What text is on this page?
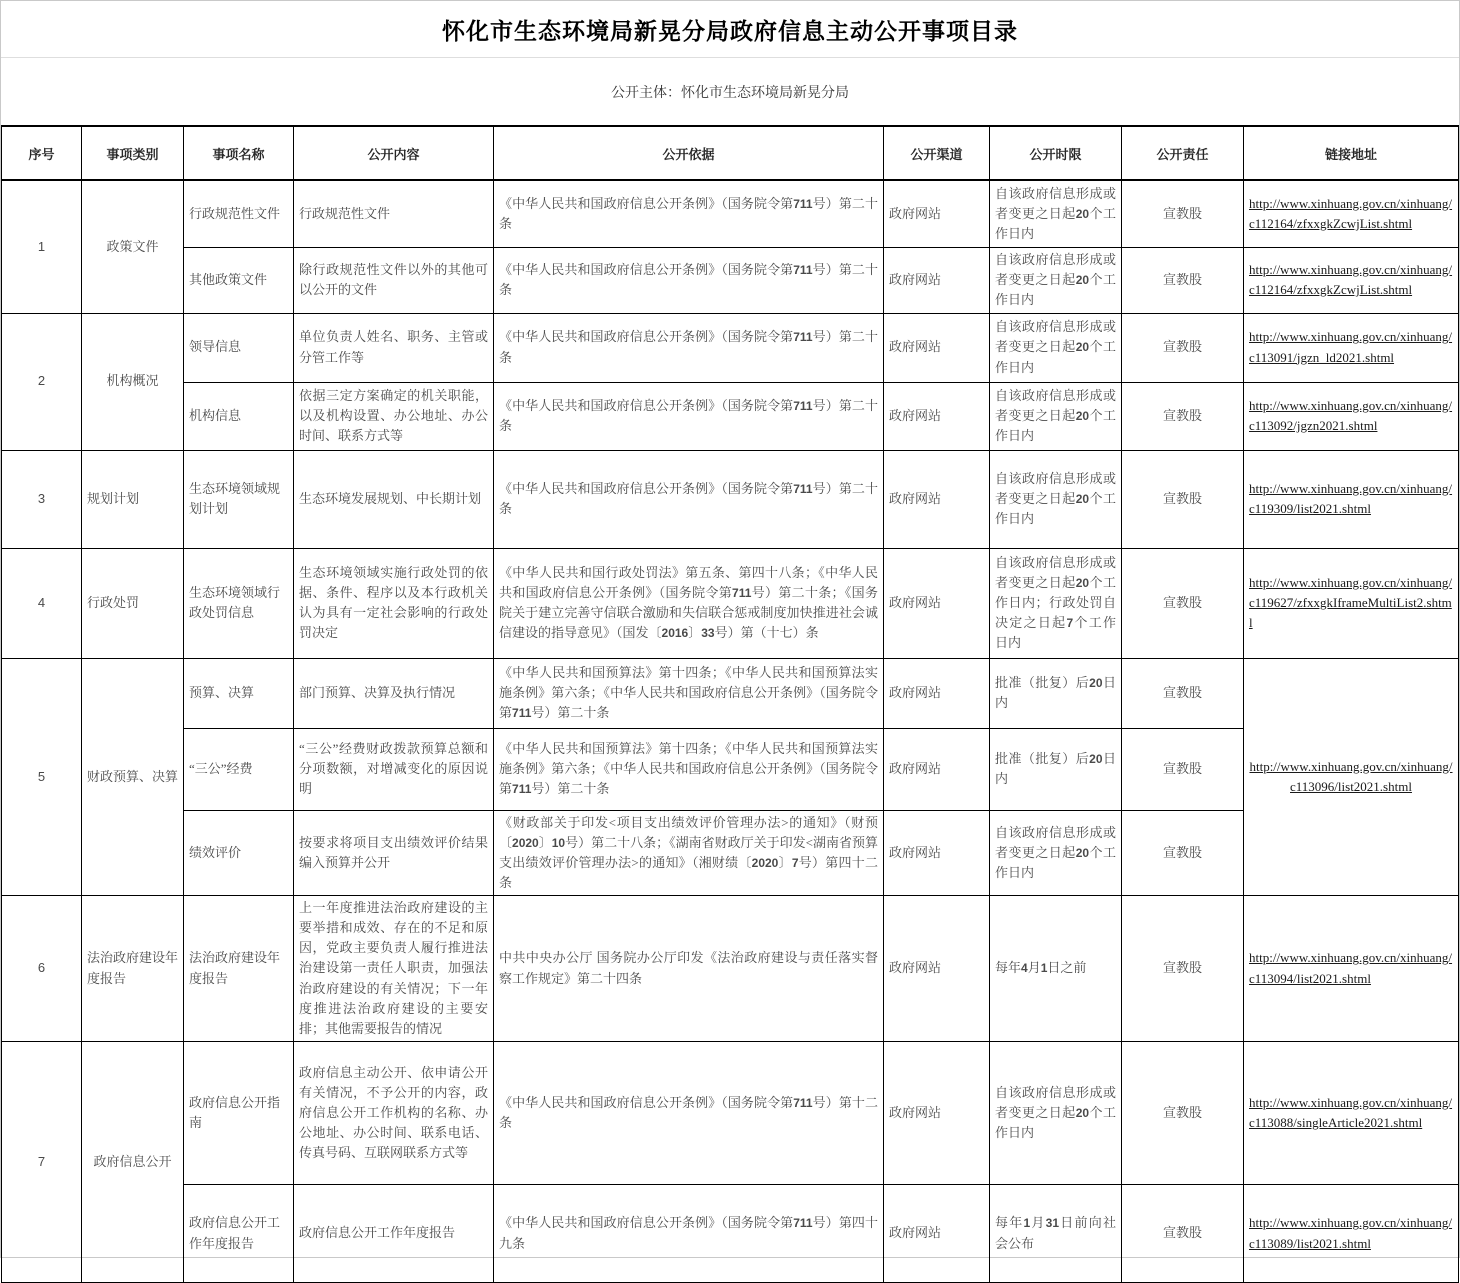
怀化市生态环境局新晃分局政府信息主动公开事项目录
公开主体：怀化市生态环境局新晃分局
序号	事项类别	事项名称	公开内容	公开依据	公开渠道	公开时限	公开责任	链接地址
1	政策文件	行政规范性文件	行政规范性文件	《中华人民共和国政府信息公开条例》（国务院令第711号）第二十条	政府网站	自该政府信息形成或者变更之日起20个工作日内	宣教股	http://www.xinhuang.gov.cn/xinhuang/c112164/zfxxgkZcwjList.shtml
		其他政策文件	除行政规范性文件以外的其他可以公开的文件	《中华人民共和国政府信息公开条例》（国务院令第711号）第二十条	政府网站	自该政府信息形成或者变更之日起20个工作日内	宣教股	http://www.xinhuang.gov.cn/xinhuang/c112164/zfxxgkZcwjList.shtml
2	机构概况	领导信息	单位负责人姓名、职务、主管或分管工作等	《中华人民共和国政府信息公开条例》（国务院令第711号）第二十条	政府网站	自该政府信息形成或者变更之日起20个工作日内	宣教股	http://www.xinhuang.gov.cn/xinhuang/c113091/jgzn_ld2021.shtml
		机构信息	依据三定方案确定的机关职能，以及机构设置、办公地址、办公时间、联系方式等	《中华人民共和国政府信息公开条例》（国务院令第711号）第二十条	政府网站	自该政府信息形成或者变更之日起20个工作日内	宣教股	http://www.xinhuang.gov.cn/xinhuang/c113092/jgzn2021.shtml
3	规划计划	生态环境领域规划计划	生态环境发展规划、中长期计划	《中华人民共和国政府信息公开条例》（国务院令第711号）第二十条	政府网站	自该政府信息形成或者变更之日起20个工作日内	宣教股	http://www.xinhuang.gov.cn/xinhuang/c119309/list2021.shtml
4	行政处罚	生态环境领域行政处罚信息	生态环境领域实施行政处罚的依据、条件、程序以及本行政机关认为具有一定社会影响的行政处罚决定	《中华人民共和国行政处罚法》第五条、第四十八条；《中华人民共和国政府信息公开条例》（国务院令第711号）第二十条；《国务院关于建立完善守信联合激励和失信联合惩戒制度加快推进社会诚信建设的指导意见》（国发〔2016〕33号）第（十七）条	政府网站	自该政府信息形成或者变更之日起20个工作日内；行政处罚自决定之日起7个工作日内	宣教股	http://www.xinhuang.gov.cn/xinhuang/c119627/zfxxgkIframeMultiList2.shtml
5	财政预算、决算	预算、决算	部门预算、决算及执行情况	《中华人民共和国预算法》第十四条；《中华人民共和国预算法实施条例》第六条；《中华人民共和国政府信息公开条例》（国务院令第711号）第二十条	政府网站	批准（批复）后20日内	宣教股	http://www.xinhuang.gov.cn/xinhuang/c113096/list2021.shtml
		“三公”经费	“三公”经费财政拨款预算总额和分项数额，对增减变化的原因说明	《中华人民共和国预算法》第十四条；《中华人民共和国预算法实施条例》第六条；《中华人民共和国政府信息公开条例》（国务院令第711号）第二十条	政府网站	批准（批复）后20日内	宣教股	
		绩效评价	按要求将项目支出绩效评价结果编入预算并公开	《财政部关于印发<项目支出绩效评价管理办法>的通知》（财预〔2020〕10号）第二十八条；《湖南省财政厅关于印发<湖南省预算支出绩效评价管理办法>的通知》（湘财绩〔2020〕7号）第四十二条	政府网站	自该政府信息形成或者变更之日起20个工作日内	宣教股	
6	法治政府建设年度报告	法治政府建设年度报告	上一年度推进法治政府建设的主要举措和成效、存在的不足和原因，党政主要负责人履行推进法治建设第一责任人职责，加强法治政府建设的有关情况；下一年度推进法治政府建设的主要安排；其他需要报告的情况	中共中央办公厅 国务院办公厅印发《法治政府建设与责任落实督察工作规定》第二十四条	政府网站	每年4月1日之前	宣教股	http://www.xinhuang.gov.cn/xinhuang/c113094/list2021.shtml
7	政府信息公开	政府信息公开指南	政府信息主动公开、依申请公开有关情况，不予公开的内容，政府信息公开工作机构的名称、办公地址、办公时间、联系电话、传真号码、互联网联系方式等	《中华人民共和国政府信息公开条例》（国务院令第711号）第十二条	政府网站	自该政府信息形成或者变更之日起20个工作日内	宣教股	http://www.xinhuang.gov.cn/xinhuang/c113088/singleArticle2021.shtml
		政府信息公开工作年度报告	政府信息公开工作年度报告	《中华人民共和国政府信息公开条例》（国务院令第711号）第四十九条	政府网站	每年1月31日前向社会公布	宣教股	http://www.xinhuang.gov.cn/xinhuang/c113089/list2021.shtml
